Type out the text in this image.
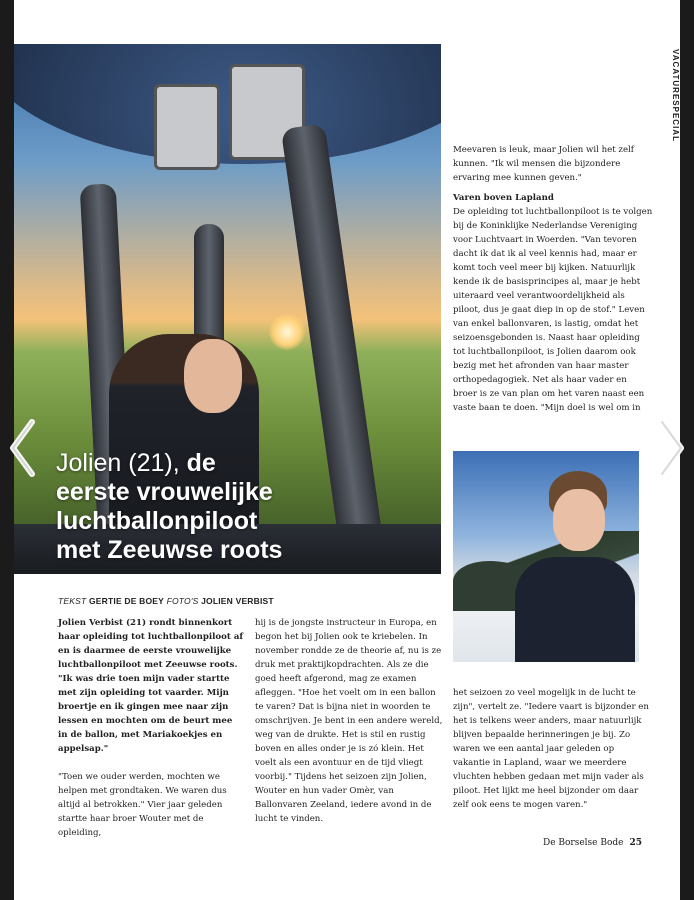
VACATURESPECIAL
Jolien (21), de
eerste vrouwelijke
luchtballonpiloot
met Zeeuwse roots

Meevaren is leuk, maar Jolien wil het zelf kunnen. "Ik wil mensen die bijzondere ervaring mee kunnen geven."

Varen boven Lapland

De opleiding tot luchtballonpiloot is te volgen bij de Koninklijke Nederlandse Vereniging voor Luchtvaart in Woerden. "Van tevoren dacht ik dat ik al veel kennis had, maar er komt toch veel meer bij kijken. Natuurlijk kende ik de basisprincipes al, maar je hebt uiteraard veel verantwoordelijkheid als piloot, dus je gaat diep in op de stof." Leven van enkel ballonvaren, is lastig, omdat het seizoensgebonden is. Naast haar opleiding tot luchtballonpiloot, is Jolien daarom ook bezig met het afronden van haar master orthopedagogiek. Net als haar vader en broer is ze van plan om het varen naast een vaste baan te doen. "Mijn doel is wel om in

TEKST GERTIE DE BOEY FOTO'S JOLIEN VERBIST

Jolien Verbist (21) rondt binnenkort haar opleiding tot luchtballonpiloot af en is daarmee de eerste vrouwelijke luchtballonpiloot met Zeeuwse roots. "Ik was drie toen mijn vader startte met zijn opleiding tot vaarder. Mijn broertje en ik gingen mee naar zijn lessen en mochten om de beurt mee in de ballon, met Mariakoekjes en appelsap."

"Toen we ouder werden, mochten we helpen met grondtaken. We waren dus altijd al betrokken." Vier jaar geleden startte haar broer Wouter met de opleiding,

hij is de jongste instructeur in Europa, en begon het bij Jolien ook te kriebelen. In november rondde ze de theorie af, nu is ze druk met praktijkopdrachten. Als ze die goed heeft afgerond, mag ze examen afleggen. "Hoe het voelt om in een ballon te varen? Dat is bijna niet in woorden te omschrijven. Je bent in een andere wereld, weg van de drukte. Het is stil en rustig boven en alles onder je is zó klein. Het voelt als een avontuur en de tijd vliegt voorbij." Tijdens het seizoen zijn Jolien, Wouter en hun vader Omèr, van Ballonvaren Zeeland, iedere avond in de lucht te vinden.

het seizoen zo veel mogelijk in de lucht te zijn", vertelt ze. "Iedere vaart is bijzonder en het is telkens weer anders, maar natuurlijk blijven bepaalde herinneringen je bij. Zo waren we een aantal jaar geleden op vakantie in Lapland, waar we meerdere vluchten hebben gedaan met mijn vader als piloot. Het lijkt me heel bijzonder om daar zelf ook eens te mogen varen."

De Borselse Bode 25
